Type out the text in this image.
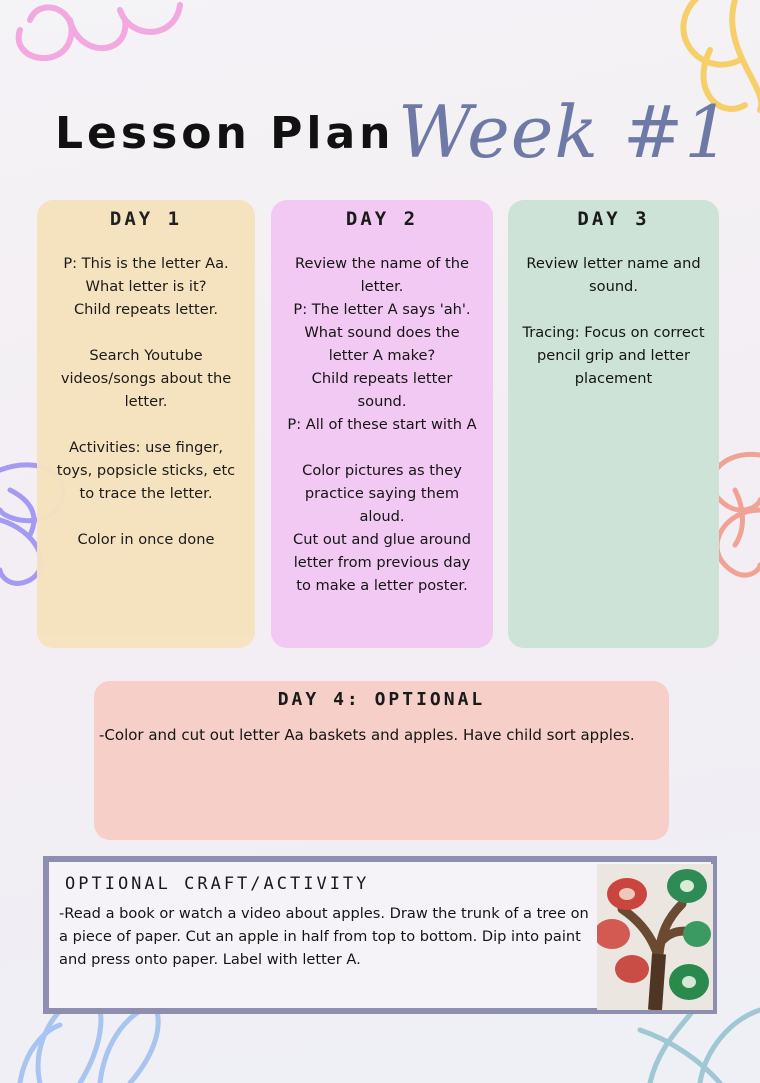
Lesson Plan Week #1
DAY 1
P: This is the letter Aa.
What letter is it?
Child repeats letter.

Search Youtube
videos/songs about the
letter.

Activities: use finger,
toys, popsicle sticks, etc
to trace the letter.

Color in once done
DAY 2
Review the name of the
letter.
P: The letter A says 'ah'.
What sound does the
letter A make?
Child repeats letter
sound.
P: All of these start with A

Color pictures as they
practice saying them
aloud.
Cut out and glue around
letter from previous day
to make a letter poster.
DAY 3
Review letter name and
sound.

Tracing: Focus on correct
pencil grip and letter
placement
DAY 4: OPTIONAL
-Color and cut out letter Aa baskets and apples. Have child sort apples.
OPTIONAL CRAFT/ACTIVITY
-Read a book or watch a video about apples. Draw the trunk of a tree on a piece of paper. Cut an apple in half from top to bottom. Dip into paint and press onto paper. Label with letter A.
